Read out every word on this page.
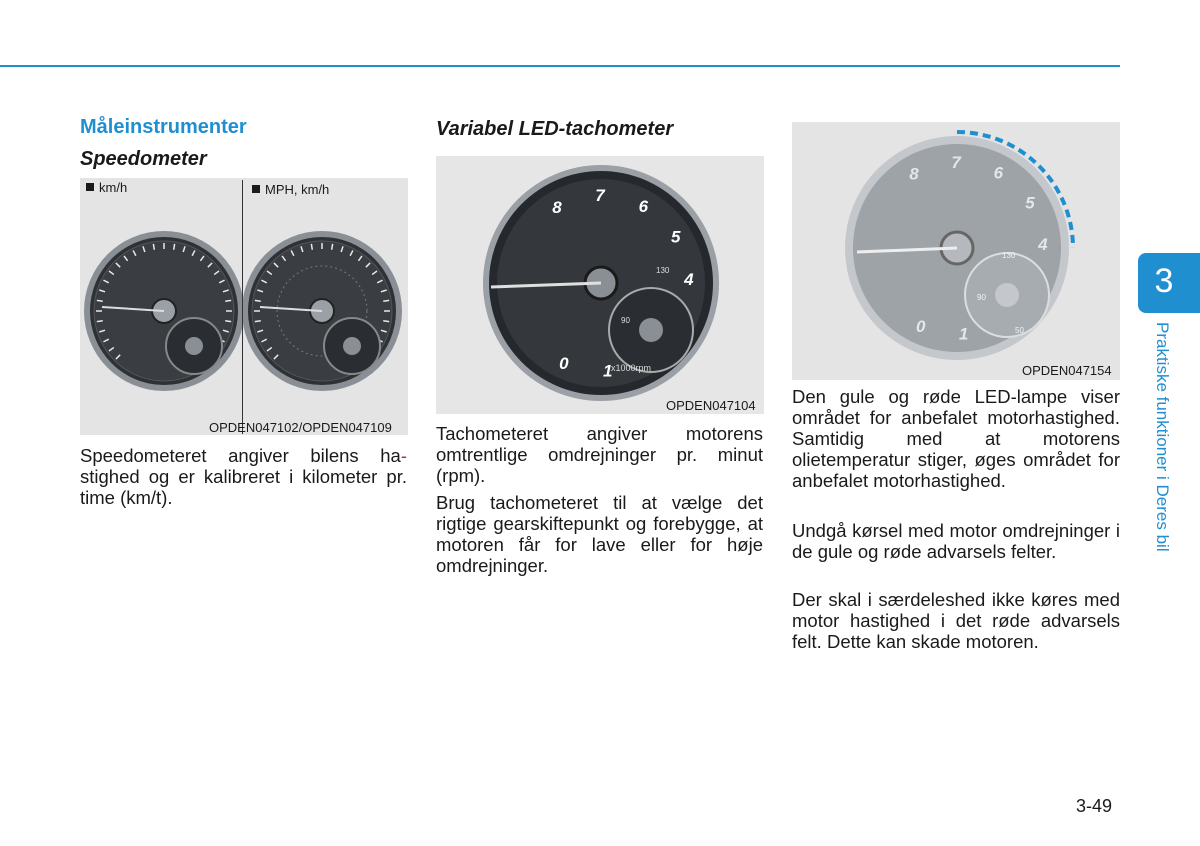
Måleinstrumenter
Speedometer
km/h	MPH, km/h
OPDEN047102/OPDEN047109

Speedometeret angiver bilens ha-stighed og er kalibreret i kilometer pr. time (km/t).

Variabel LED-tachometer
0 1
4
5
6
7
8
130
90
x1000rpm
OPDEN047104

Tachometeret angiver motorens omtrentlige omdrejninger pr. minut (rpm).

Brug tachometeret til at vælge det rigtige gearskiftepunkt og forebygge, at motoren får for lave eller for høje omdrejninger.

0 1
4
5
6
7
8
130
90
50
OPDEN047154

Den gule og røde LED-lampe viser området for anbefalet motorhastighed. Samtidig med at motorens olietemperatur stiger, øges området for anbefalet motorhastighed.

Undgå kørsel med motor omdrejninger i de gule og røde advarsels felter.

Der skal i særdeleshed ikke køres med motor hastighed i det røde advarsels felt. Dette kan skade motoren.

3
Praktiske funktioner i Deres bil
3-49
